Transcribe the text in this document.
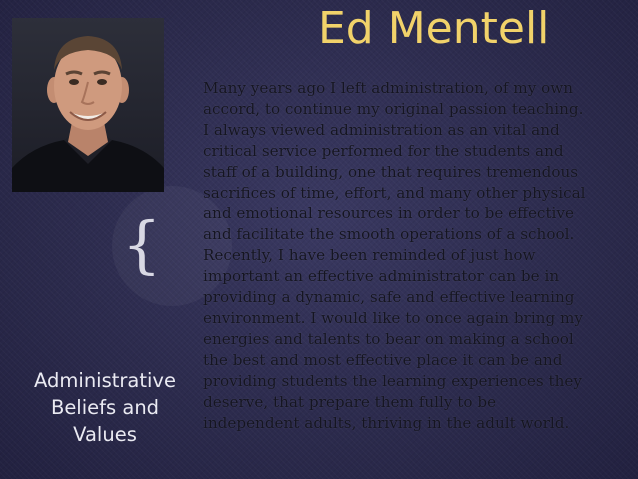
Ed Mentell
Many years ago I left administration, of my own
accord, to continue my original passion teaching.
I always viewed administration as an vital and
critical service performed for the students and
staff of a building, one that requires tremendous
sacrifices of time, effort, and many other physical
and emotional resources in order to be effective
and facilitate the smooth operations of a school.
Recently, I have been reminded of just how
important an effective administrator can be in
providing a dynamic, safe and effective learning
environment. I would like to once again bring my
energies and talents to bear on making a school
the best and most effective place it can be and
providing students the learning experiences they
deserve, that prepare them fully to be
independent adults, thriving in the adult world.
{
Administrative
Beliefs and
Values
